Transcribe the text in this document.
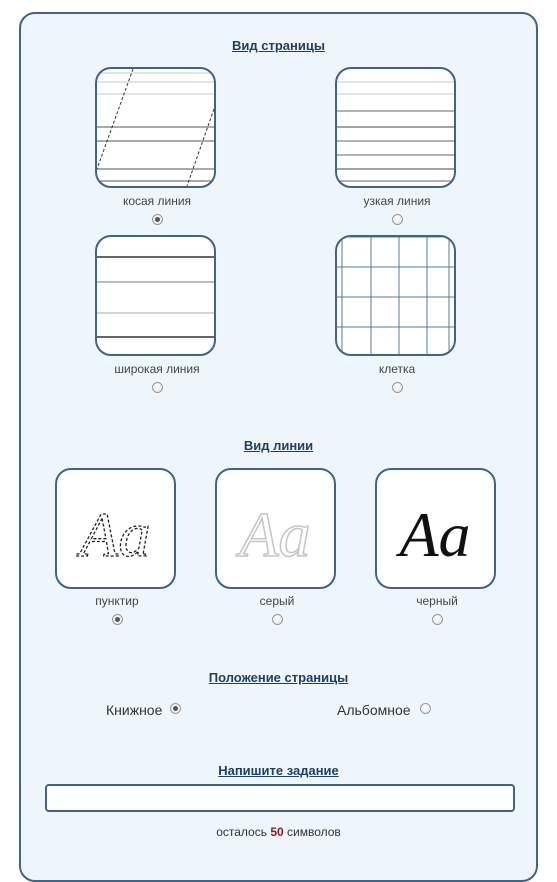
Вид страницы
косая линия	узкая линия
широкая линия	клетка
Вид линии
Aa
пунктир
Aa
серый
Aa
черный
Положение страницы
Книжное	Альбомное
Напишите задание
осталось 50 символов
